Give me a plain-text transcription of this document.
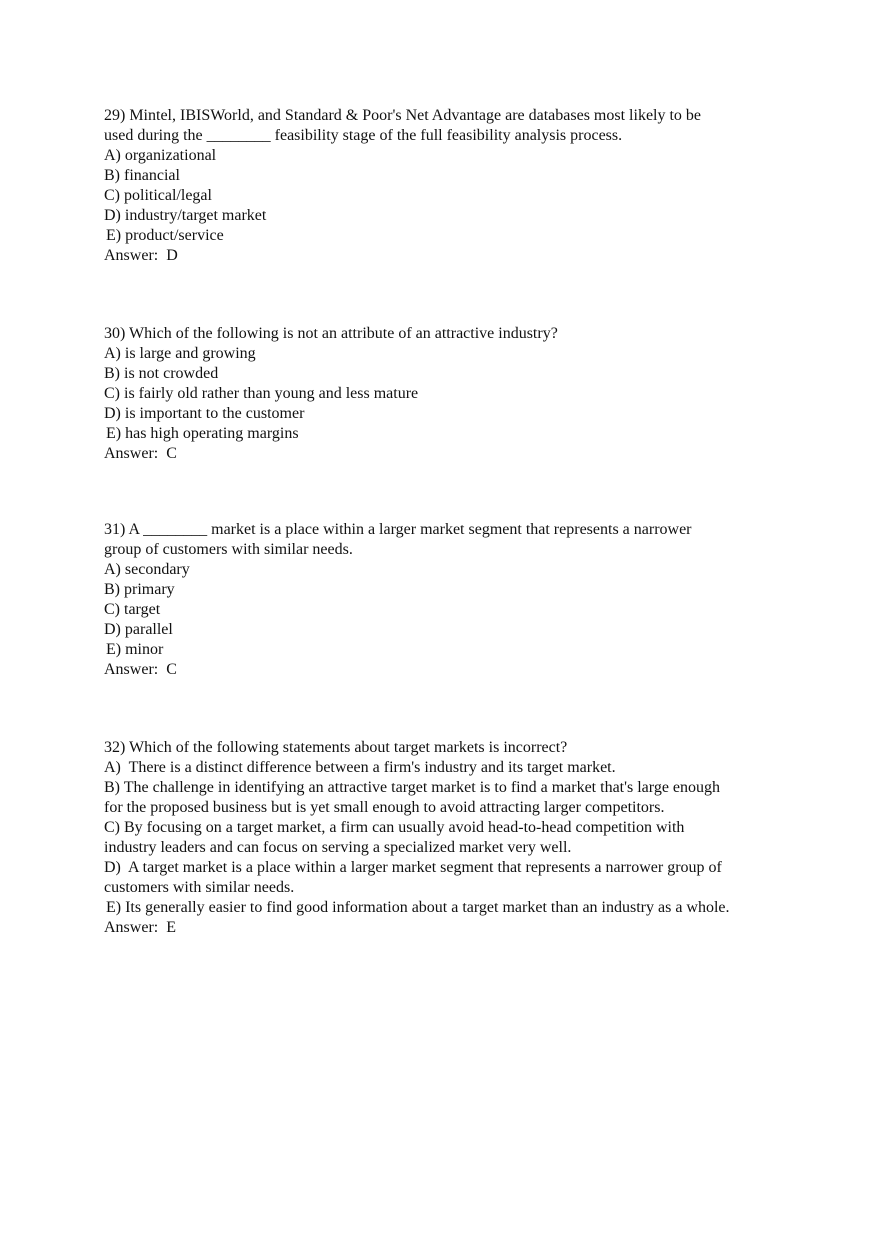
29) Mintel, IBISWorld, and Standard & Poor's Net Advantage are databases most likely to be
used during the ________ feasibility stage of the full feasibility analysis process.
A) organizational
B) financial
C) political/legal
D) industry/target market
E) product/service
Answer:  D
30) Which of the following is not an attribute of an attractive industry?
A) is large and growing
B) is not crowded
C) is fairly old rather than young and less mature
D) is important to the customer
E) has high operating margins
Answer:  C
31) A ________ market is a place within a larger market segment that represents a narrower
group of customers with similar needs.
A) secondary
B) primary
C) target
D) parallel
E) minor
Answer:  C
32) Which of the following statements about target markets is incorrect?
A)  There is a distinct difference between a firm's industry and its target market.
B) The challenge in identifying an attractive target market is to find a market that's large enough
for the proposed business but is yet small enough to avoid attracting larger competitors.
C) By focusing on a target market, a firm can usually avoid head-to-head competition with
industry leaders and can focus on serving a specialized market very well.
D)  A target market is a place within a larger market segment that represents a narrower group of
customers with similar needs.
E) Its generally easier to find good information about a target market than an industry as a whole.
Answer:  E
